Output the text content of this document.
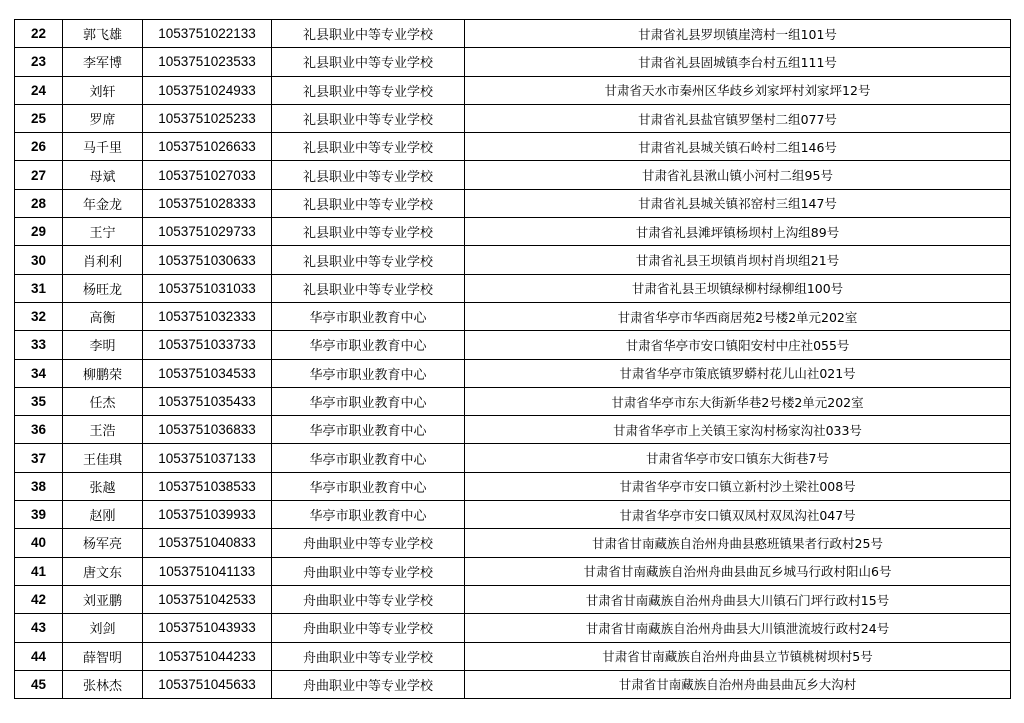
22	郭飞雄	1053751022133	礼县职业中等专业学校	甘肃省礼县罗坝镇崖湾村一组101号
23	李军博	1053751023533	礼县职业中等专业学校	甘肃省礼县固城镇李台村五组111号
24	刘轩	1053751024933	礼县职业中等专业学校	甘肃省天水市秦州区华歧乡刘家坪村刘家坪12号
25	罗席	1053751025233	礼县职业中等专业学校	甘肃省礼县盐官镇罗堡村二组077号
26	马千里	1053751026633	礼县职业中等专业学校	甘肃省礼县城关镇石岭村二组146号
27	母斌	1053751027033	礼县职业中等专业学校	甘肃省礼县湫山镇小河村二组95号
28	年金龙	1053751028333	礼县职业中等专业学校	甘肃省礼县城关镇祁窑村三组147号
29	王宁	1053751029733	礼县职业中等专业学校	甘肃省礼县滩坪镇杨坝村上沟组89号
30	肖利利	1053751030633	礼县职业中等专业学校	甘肃省礼县王坝镇肖坝村肖坝组21号
31	杨旺龙	1053751031033	礼县职业中等专业学校	甘肃省礼县王坝镇绿柳村绿柳组100号
32	高衡	1053751032333	华亭市职业教育中心	甘肃省华亭市华西商居苑2号楼2单元202室
33	李明	1053751033733	华亭市职业教育中心	甘肃省华亭市安口镇阳安村中庄社055号
34	柳鹏荣	1053751034533	华亭市职业教育中心	甘肃省华亭市策底镇罗蟒村花儿山社021号
35	任杰	1053751035433	华亭市职业教育中心	甘肃省华亭市东大街新华巷2号楼2单元202室
36	王浩	1053751036833	华亭市职业教育中心	甘肃省华亭市上关镇王家沟村杨家沟社033号
37	王佳琪	1053751037133	华亭市职业教育中心	甘肃省华亭市安口镇东大街巷7号
38	张越	1053751038533	华亭市职业教育中心	甘肃省华亭市安口镇立新村沙土梁社008号
39	赵刚	1053751039933	华亭市职业教育中心	甘肃省华亭市安口镇双凤村双凤沟社047号
40	杨军亮	1053751040833	舟曲职业中等专业学校	甘肃省甘南藏族自治州舟曲县憨班镇果者行政村25号
41	唐文东	1053751041133	舟曲职业中等专业学校	甘肃省甘南藏族自治州舟曲县曲瓦乡城马行政村阳山6号
42	刘亚鹏	1053751042533	舟曲职业中等专业学校	甘肃省甘南藏族自治州舟曲县大川镇石门坪行政村15号
43	刘剑	1053751043933	舟曲职业中等专业学校	甘肃省甘南藏族自治州舟曲县大川镇泄流坡行政村24号
44	薛智明	1053751044233	舟曲职业中等专业学校	甘肃省甘南藏族自治州舟曲县立节镇桃树坝村5号
45	张林杰	1053751045633	舟曲职业中等专业学校	甘肃省甘南藏族自治州舟曲县曲瓦乡大沟村
